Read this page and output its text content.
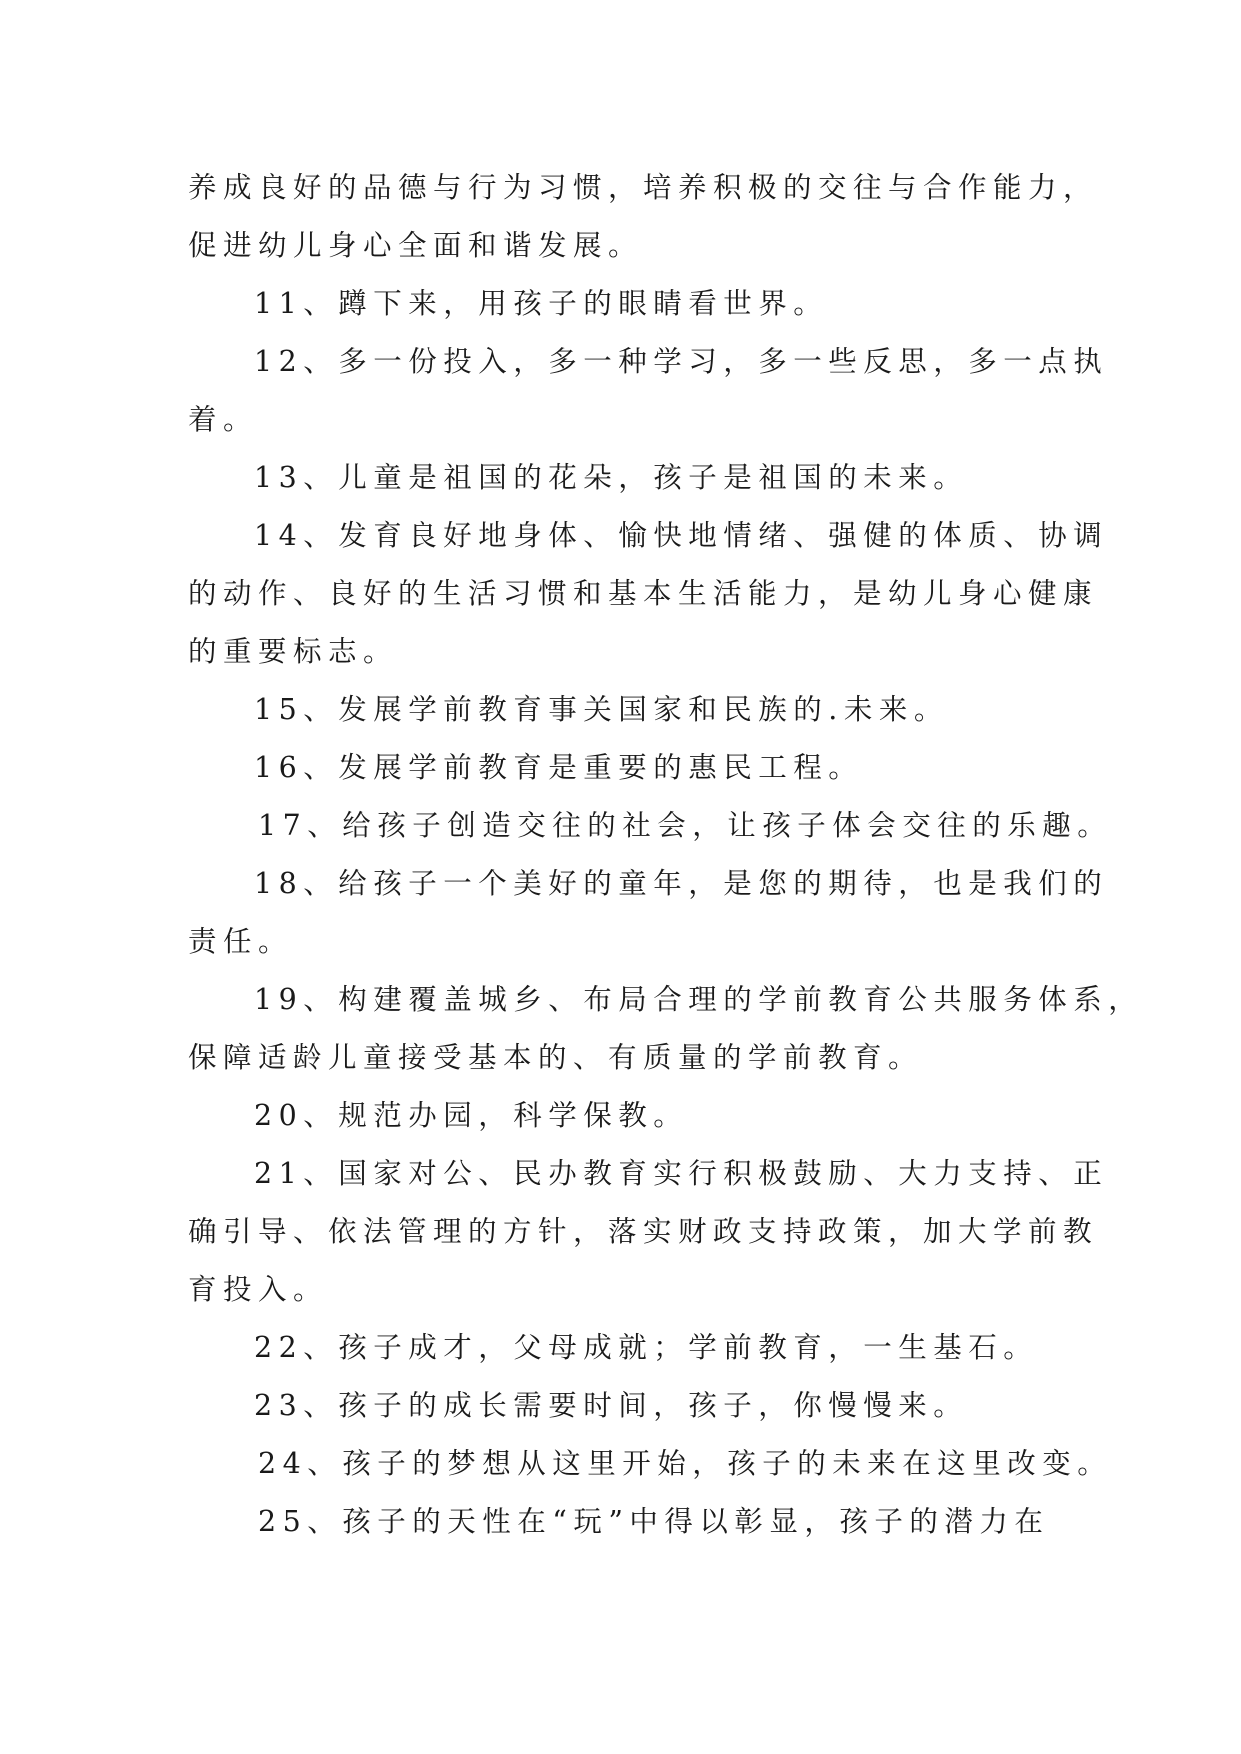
养成良好的品德与行为习惯，培养积极的交往与合作能力，
促进幼儿身心全面和谐发展。
11、蹲下来，用孩子的眼睛看世界。
12、多一份投入，多一种学习，多一些反思，多一点执
着。
13、儿童是祖国的花朵，孩子是祖国的未来。
14、发育良好地身体、愉快地情绪、强健的体质、协调
的动作、良好的生活习惯和基本生活能力，是幼儿身心健康
的重要标志。
15、发展学前教育事关国家和民族的.未来。
16、发展学前教育是重要的惠民工程。
17、给孩子创造交往的社会，让孩子体会交往的乐趣。
18、给孩子一个美好的童年，是您的期待，也是我们的
责任。
19、构建覆盖城乡、布局合理的学前教育公共服务体系，
保障适龄儿童接受基本的、有质量的学前教育。
20、规范办园，科学保教。
21、国家对公、民办教育实行积极鼓励、大力支持、正
确引导、依法管理的方针，落实财政支持政策，加大学前教
育投入。
22、孩子成才，父母成就；学前教育，一生基石。
23、孩子的成长需要时间，孩子，你慢慢来。
24、孩子的梦想从这里开始，孩子的未来在这里改变。
25、孩子的天性在“玩”中得以彰显，孩子的潜力在
